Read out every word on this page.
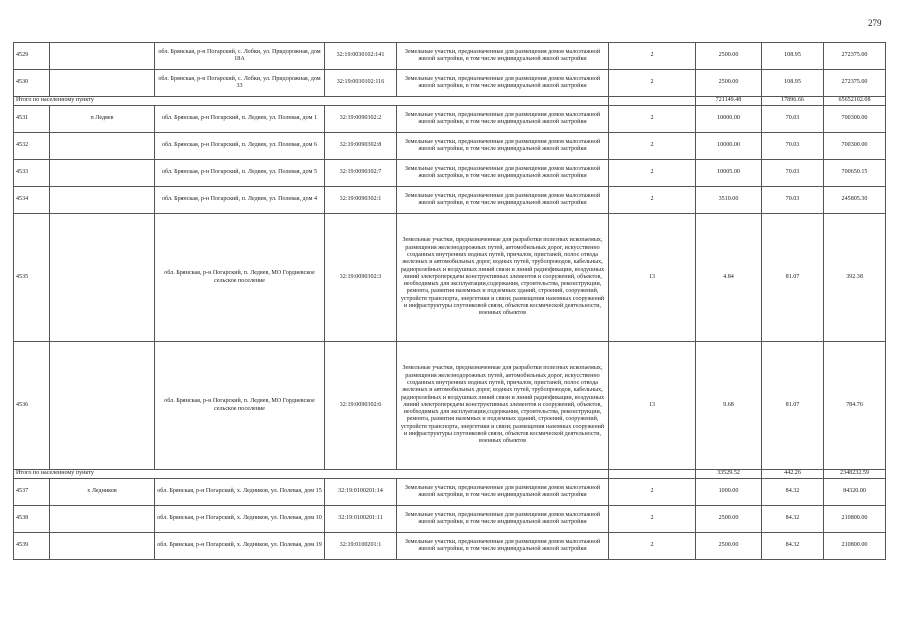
279
4529		обл. Брянская, р-н Погарский, с. Лобки, ул. Придорожная, дом 18А	32:19:0030102:141	Земельные участки, предназначенные для размещения домов малоэтажной жилой застройки, в том числе индивидуальной жилой застройки	2	2500.00	108.95	272375.00
4530		обл. Брянская, р-н Погарский, с. Лобки, ул. Придорожная, дом 33	32:19:0030102:116	Земельные участки, предназначенные для размещения домов малоэтажной жилой застройки, в том числе индивидуальной жилой застройки	2	2500.00	108.95	272375.00
Итого по населенному пункту						721149.48	17896.66	65652102.08
4531	п Ледвев	обл. Брянская, р-н Погарский, п. Ледвев, ул. Полевая, дом 1	32:19:0090302:2	Земельные участки, предназначенные для размещения домов малоэтажной жилой застройки, в том числе индивидуальной жилой застройки	2	10000.00	70.03	700300.00
4532		обл. Брянская, р-н Погарский, п. Ледвев, ул. Полевая, дом 6	32:19:0090302:8	Земельные участки, предназначенные для размещения домов малоэтажной жилой застройки, в том числе индивидуальной жилой застройки	2	10000.00	70.03	700300.00
4533		обл. Брянская, р-н Погарский, п. Ледвев, ул. Полевая, дом 5	32:19:0090302:7	Земельные участки, предназначенные для размещения домов малоэтажной жилой застройки, в том числе индивидуальной жилой застройки	2	10005.00	70.03	700650.15
4534		обл. Брянская, р-н Погарский, п. Ледвев, ул. Полевая, дом 4	32:19:0090302:1	Земельные участки, предназначенные для размещения домов малоэтажной жилой застройки, в том числе индивидуальной жилой застройки	2	3510.00	70.03	245805.30
4535		обл. Брянская, р-н Погарский, п. Ледвев, МО Гордиевское сельское поселение	32:19:0090302:3	Земельные участки, предназначенные для разработки полезных ископаемых, размещения железнодорожных путей, автомобильных дорог, искусственно созданных внутренних водных путей, причалов, пристаней, полос отвода железных и автомобильных дорог, водных путей, трубопроводов, кабельных, радиорелейных и воздушных линий связи и линий радиофикации, воздушных линий электропередачи конструктивных элементов и сооружений, объектов, необходимых для эксплуатации,содержания, строительства, реконструкции, ремонта, развития наземных и подземных зданий, строений, сооружений, устройств транспорта, энергетики и связи; размещения наземных сооружений и инфраструктуры спутниковой связи, объектов космической деятельности, военных объектов	13	4.84	81.07	392.38
4536		обл. Брянская, р-н Погарский, п. Ледвев, МО Гордиевское сельское поселение	32:19:0090302:6	Земельные участки, предназначенные для разработки полезных ископаемых, размещения железнодорожных путей, автомобильных дорог, искусственно созданных внутренних водных путей, причалов, пристаней, полос отвода железных и автомобильных дорог, водных путей, трубопроводов, кабельных, радиорелейных и воздушных линий связи и линий радиофикации, воздушных линий электропередачи конструктивных элементов и сооружений, объектов, необходимых для эксплуатации,содержания, строительства, реконструкции, ремонта, развития наземных и подземных зданий, строений, сооружений, устройств транспорта, энергетики и связи; размещения наземных сооружений и инфраструктуры спутниковой связи, объектов космической деятельности, военных объектов	13	9.68	81.07	784.76
Итого по населенному пункту						33529.52	442.26	2348232.59
4537	х Ледников	обл. Брянская, р-н Погарский, х. Ледников, ул. Полевая, дом 15	32:19:0100201:14	Земельные участки, предназначенные для размещения домов малоэтажной жилой застройки, в том числе индивидуальной жилой застройки	2	1000.00	84.32	84320.00
4538		обл. Брянская, р-н Погарский, х. Ледников, ул. Полевая, дом 10	32:19:0100201:11	Земельные участки, предназначенные для размещения домов малоэтажной жилой застройки, в том числе индивидуальной жилой застройки	2	2500.00	84.32	210800.00
4539		обл. Брянская, р-н Погарский, х. Ледников, ул. Полевая, дом 19	32:19:0100201:1	Земельные участки, предназначенные для размещения домов малоэтажной жилой застройки, в том числе индивидуальной жилой застройки	2	2500.00	84.32	210800.00
